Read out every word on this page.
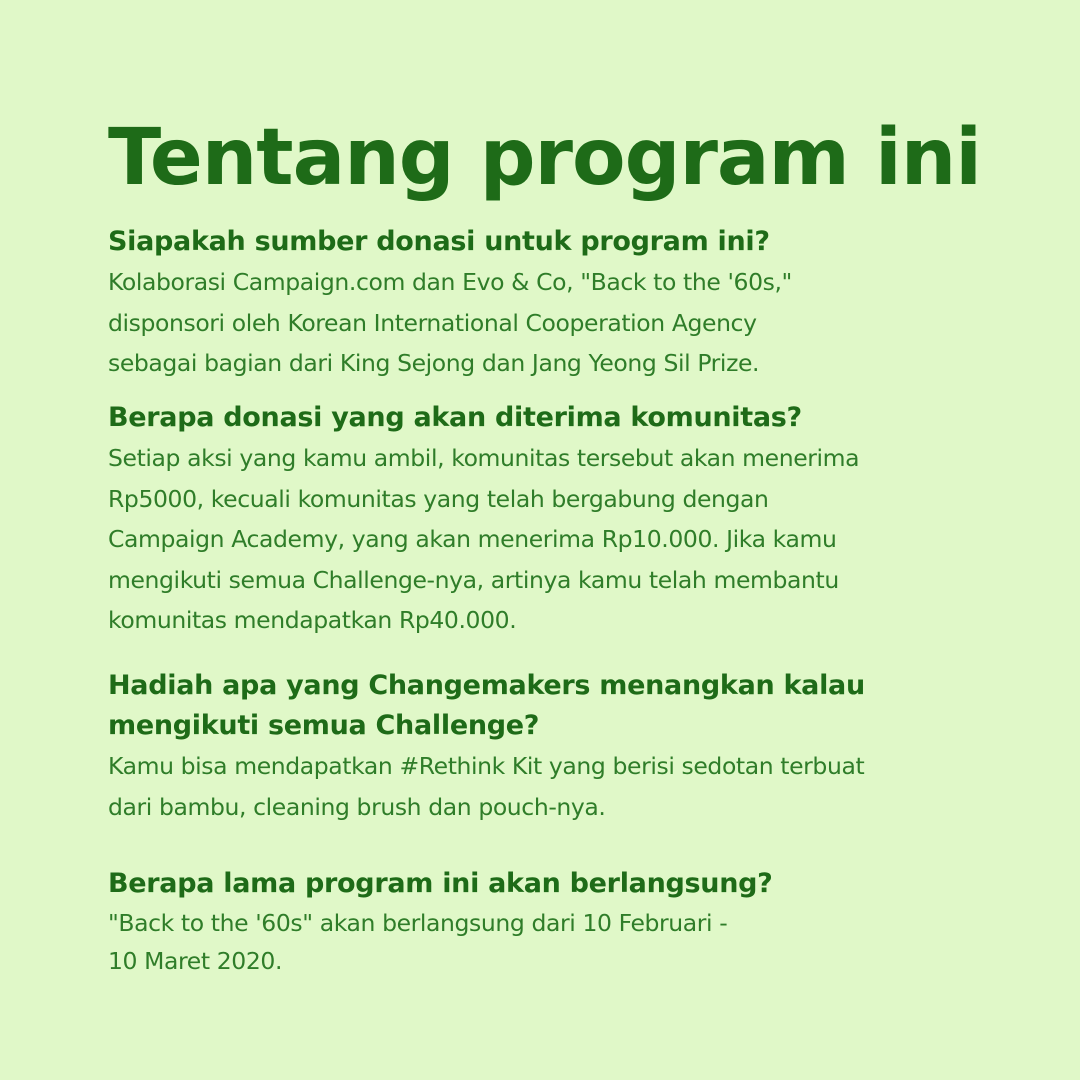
Tentang program ini

Siapakah sumber donasi untuk program ini?

Kolaborasi Campaign.com dan Evo & Co, "Back to the '60s,"
disponsori oleh Korean International Cooperation Agency
sebagai bagian dari King Sejong dan Jang Yeong Sil Prize.

Berapa donasi yang akan diterima komunitas?

Setiap aksi yang kamu ambil, komunitas tersebut akan menerima
Rp5000, kecuali komunitas yang telah bergabung dengan
Campaign Academy, yang akan menerima Rp10.000. Jika kamu
mengikuti semua Challenge-nya, artinya kamu telah membantu
komunitas mendapatkan Rp40.000.

Hadiah apa yang Changemakers menangkan kalau mengikuti semua Challenge?

Kamu bisa mendapatkan #Rethink Kit yang berisi sedotan terbuat
dari bambu, cleaning brush dan pouch-nya.

Berapa lama program ini akan berlangsung?

"Back to the '60s" akan berlangsung dari 10 Februari -
10 Maret 2020.
